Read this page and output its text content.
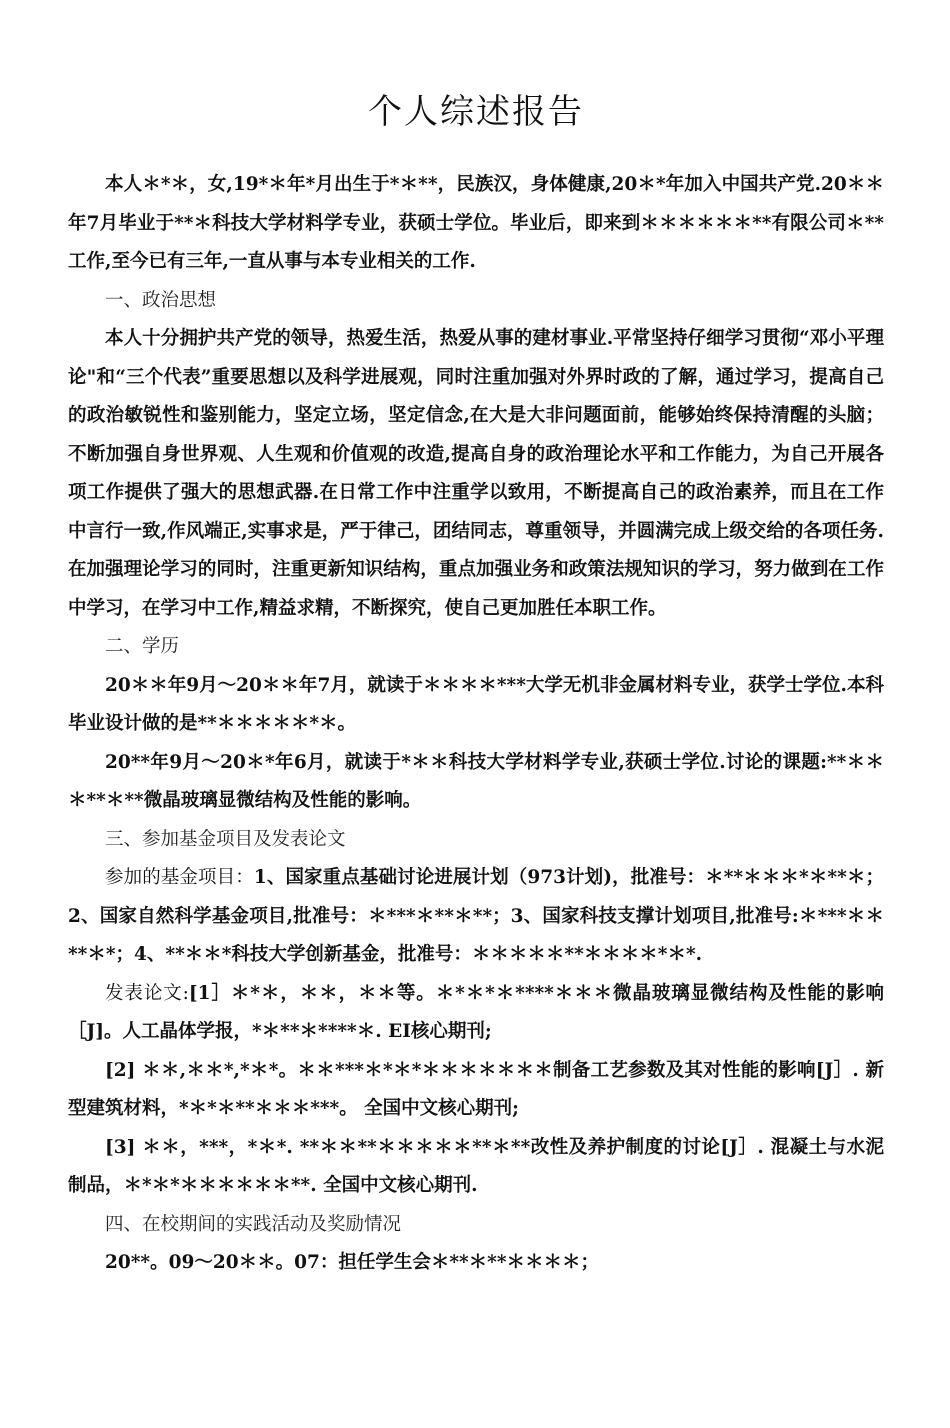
个人综述报告

本人＊*＊，女,19*＊年*月出生于*＊**，民族汉，身体健康,20＊*年加入中国共产党.20＊＊年7月毕业于**＊科技大学材料学专业，获硕士学位。毕业后，即来到＊＊＊＊＊＊**有限公司＊**工作,至今已有三年,一直从事与本专业相关的工作.

一、政治思想

本人十分拥护共产党的领导，热爱生活，热爱从事的建材事业.平常坚持仔细学习贯彻“邓小平理论"和“三个代表”重要思想以及科学进展观，同时注重加强对外界时政的了解，通过学习，提高自己的政治敏锐性和鉴别能力，坚定立场，坚定信念,在大是大非问题面前，能够始终保持清醒的头脑；不断加强自身世界观、人生观和价值观的改造,提高自身的政治理论水平和工作能力，为自己开展各项工作提供了强大的思想武器.在日常工作中注重学以致用，不断提高自己的政治素养，而且在工作中言行一致,作风端正,实事求是，严于律己，团结同志，尊重领导，并圆满完成上级交给的各项任务.在加强理论学习的同时，注重更新知识结构，重点加强业务和政策法规知识的学习，努力做到在工作中学习，在学习中工作,精益求精，不断探究，使自己更加胜任本职工作。

二、学历

20＊＊年9月～20＊＊年7月，就读于＊＊＊＊***大学无机非金属材料专业，获学士学位.本科毕业设计做的是**＊＊＊＊＊*＊。

20**年9月～20＊*年6月，就读于*＊＊科技大学材料学专业,获硕士学位.讨论的课题:**＊＊＊**＊**微晶玻璃显微结构及性能的影响。

三、参加基金项目及发表论文

参加的基金项目：1、国家重点基础讨论进展计划（973计划)，批准号：＊**＊＊＊*＊**＊；2、国家自然科学基金项目,批准号：＊***＊**＊**；3、国家科技支撑计划项目,批准号:＊***＊＊**＊*；4、**＊＊*科技大学创新基金，批准号：＊＊＊＊＊**＊＊＊＊*＊*.

发表论文:[1］＊*＊，＊＊，＊＊等。＊*＊*＊****＊＊＊微晶玻璃显微结构及性能的影响［J]。人工晶体学报，*＊**＊****＊. EI核心期刊;

[2] ＊＊,＊＊*,*＊*。＊＊***＊*＊*＊＊＊＊＊＊＊制备工艺参数及其对性能的影响[J］. 新型建筑材料，*＊*＊**＊＊＊***。 全国中文核心期刊;

[3] ＊＊，***，*＊*. **＊＊**＊＊＊＊＊**＊**改性及养护制度的讨论[J］. 混凝土与水泥制品，＊*＊*＊＊＊＊＊＊**. 全国中文核心期刊.

四、在校期间的实践活动及奖励情况

20**。09～20＊＊。07：担任学生会＊**＊**＊＊＊＊；
